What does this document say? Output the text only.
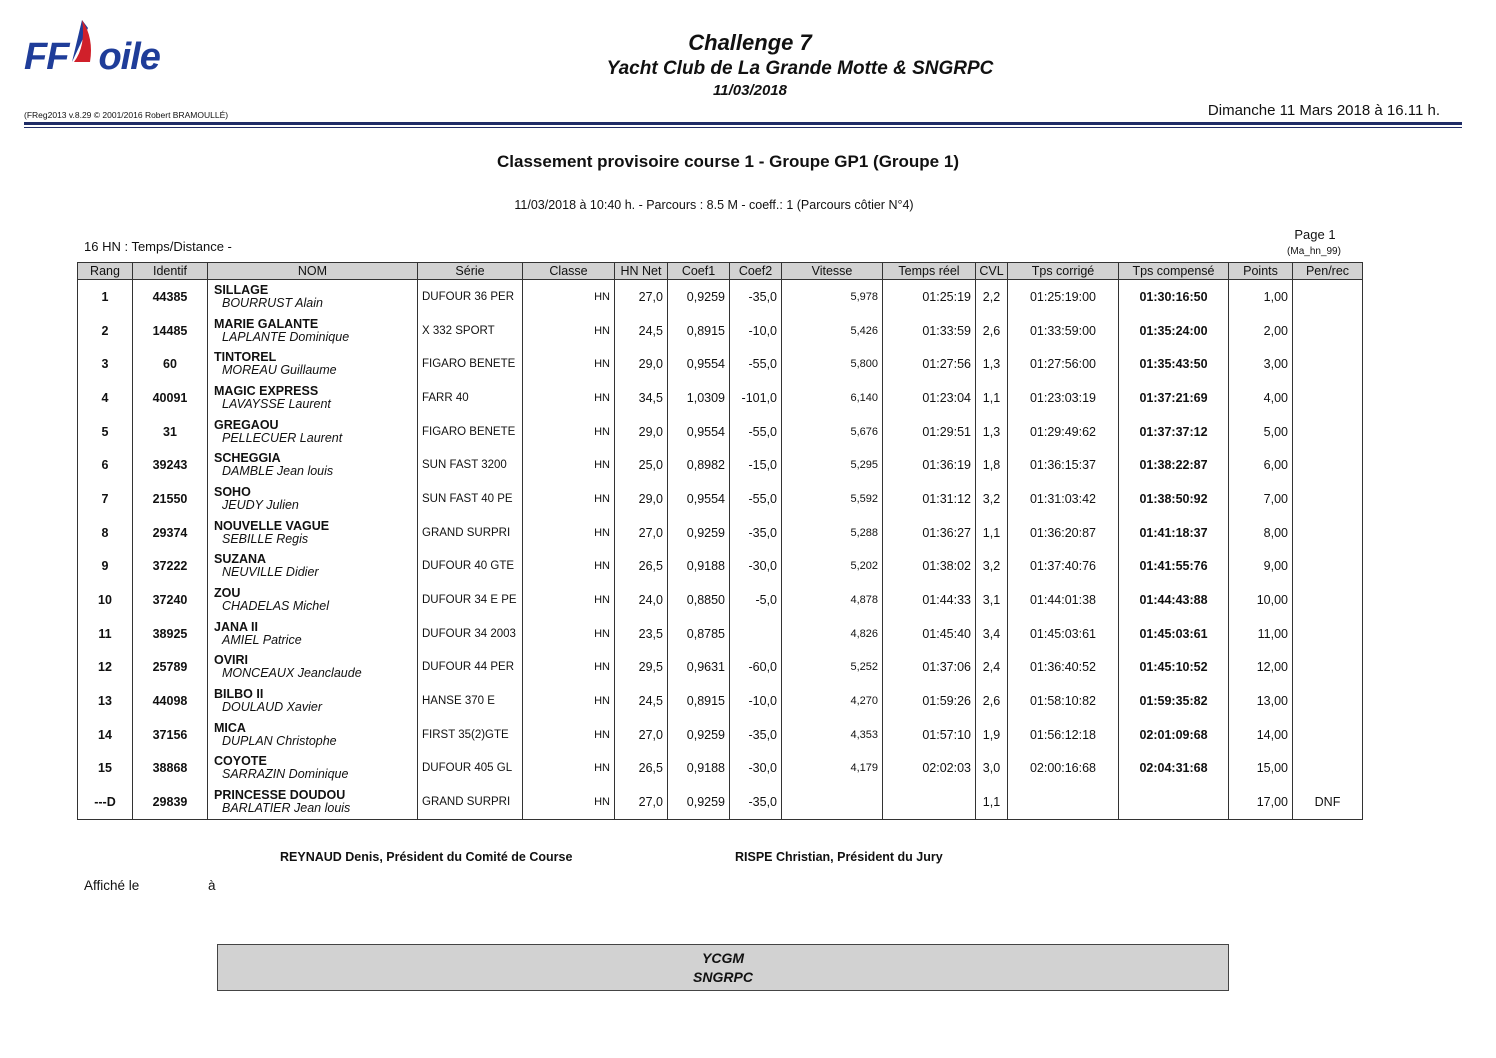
FF oile	Challenge 7
Yacht Club de La Grande Motte & SNGRPC
11/03/2018
(FReg2013 v.8.29 © 2001/2016 Robert BRAMOULLÉ)	Dimanche 11 Mars 2018 à 16.11 h.
Classement provisoire course 1 - Groupe GP1 (Groupe 1)
11/03/2018 à 10:40 h. - Parcours : 8.5 M - coeff.: 1 (Parcours côtier N°4)
16 HN : Temps/Distance -
Page 1
(Ma_hn_99)
Rang	Identif	NOM	Série	Classe	HN Net	Coef1	Coef2	Vitesse	Temps réel	CVL	Tps corrigé	Tps compensé	Points	Pen/rec
1	44385	SILLAGE
BOURRUST Alain	DUFOUR 36 PER	HN	27,0	0,9259	-35,0	5,978	01:25:19	2,2	01:25:19:00	01:30:16:50	1,00	
2	14485	MARIE GALANTE
LAPLANTE Dominique	X 332 SPORT	HN	24,5	0,8915	-10,0	5,426	01:33:59	2,6	01:33:59:00	01:35:24:00	2,00	
3	60	TINTOREL
MOREAU Guillaume	FIGARO BENETE	HN	29,0	0,9554	-55,0	5,800	01:27:56	1,3	01:27:56:00	01:35:43:50	3,00	
4	40091	MAGIC EXPRESS
LAVAYSSE Laurent	FARR 40	HN	34,5	1,0309	-101,0	6,140	01:23:04	1,1	01:23:03:19	01:37:21:69	4,00	
5	31	GREGAOU
PELLECUER Laurent	FIGARO BENETE	HN	29,0	0,9554	-55,0	5,676	01:29:51	1,3	01:29:49:62	01:37:37:12	5,00	
6	39243	SCHEGGIA
DAMBLE Jean louis	SUN FAST 3200	HN	25,0	0,8982	-15,0	5,295	01:36:19	1,8	01:36:15:37	01:38:22:87	6,00	
7	21550	SOHO
JEUDY Julien	SUN FAST 40 PE	HN	29,0	0,9554	-55,0	5,592	01:31:12	3,2	01:31:03:42	01:38:50:92	7,00	
8	29374	NOUVELLE VAGUE
SEBILLE Regis	GRAND SURPRI	HN	27,0	0,9259	-35,0	5,288	01:36:27	1,1	01:36:20:87	01:41:18:37	8,00	
9	37222	SUZANA
NEUVILLE Didier	DUFOUR 40 GTE	HN	26,5	0,9188	-30,0	5,202	01:38:02	3,2	01:37:40:76	01:41:55:76	9,00	
10	37240	ZOU
CHADELAS Michel	DUFOUR 34 E PE	HN	24,0	0,8850	-5,0	4,878	01:44:33	3,1	01:44:01:38	01:44:43:88	10,00	
11	38925	JANA II
AMIEL Patrice	DUFOUR 34 2003	HN	23,5	0,8785		4,826	01:45:40	3,4	01:45:03:61	01:45:03:61	11,00	
12	25789	OVIRI
MONCEAUX Jeanclaude	DUFOUR 44 PER	HN	29,5	0,9631	-60,0	5,252	01:37:06	2,4	01:36:40:52	01:45:10:52	12,00	
13	44098	BILBO II
DOULAUD Xavier	HANSE 370 E	HN	24,5	0,8915	-10,0	4,270	01:59:26	2,6	01:58:10:82	01:59:35:82	13,00	
14	37156	MICA
DUPLAN Christophe	FIRST 35(2)GTE	HN	27,0	0,9259	-35,0	4,353	01:57:10	1,9	01:56:12:18	02:01:09:68	14,00	
15	38868	COYOTE
SARRAZIN Dominique	DUFOUR 405 GL	HN	26,5	0,9188	-30,0	4,179	02:02:03	3,0	02:00:16:68	02:04:31:68	15,00	
---D	29839	PRINCESSE DOUDOU
BARLATIER Jean louis	GRAND SURPRI	HN	27,0	0,9259	-35,0			1,1			17,00	DNF
REYNAUD Denis, Président du Comité de Course	RISPE Christian, Président du Jury
Affiché le	à
YCGM
SNGRPC
